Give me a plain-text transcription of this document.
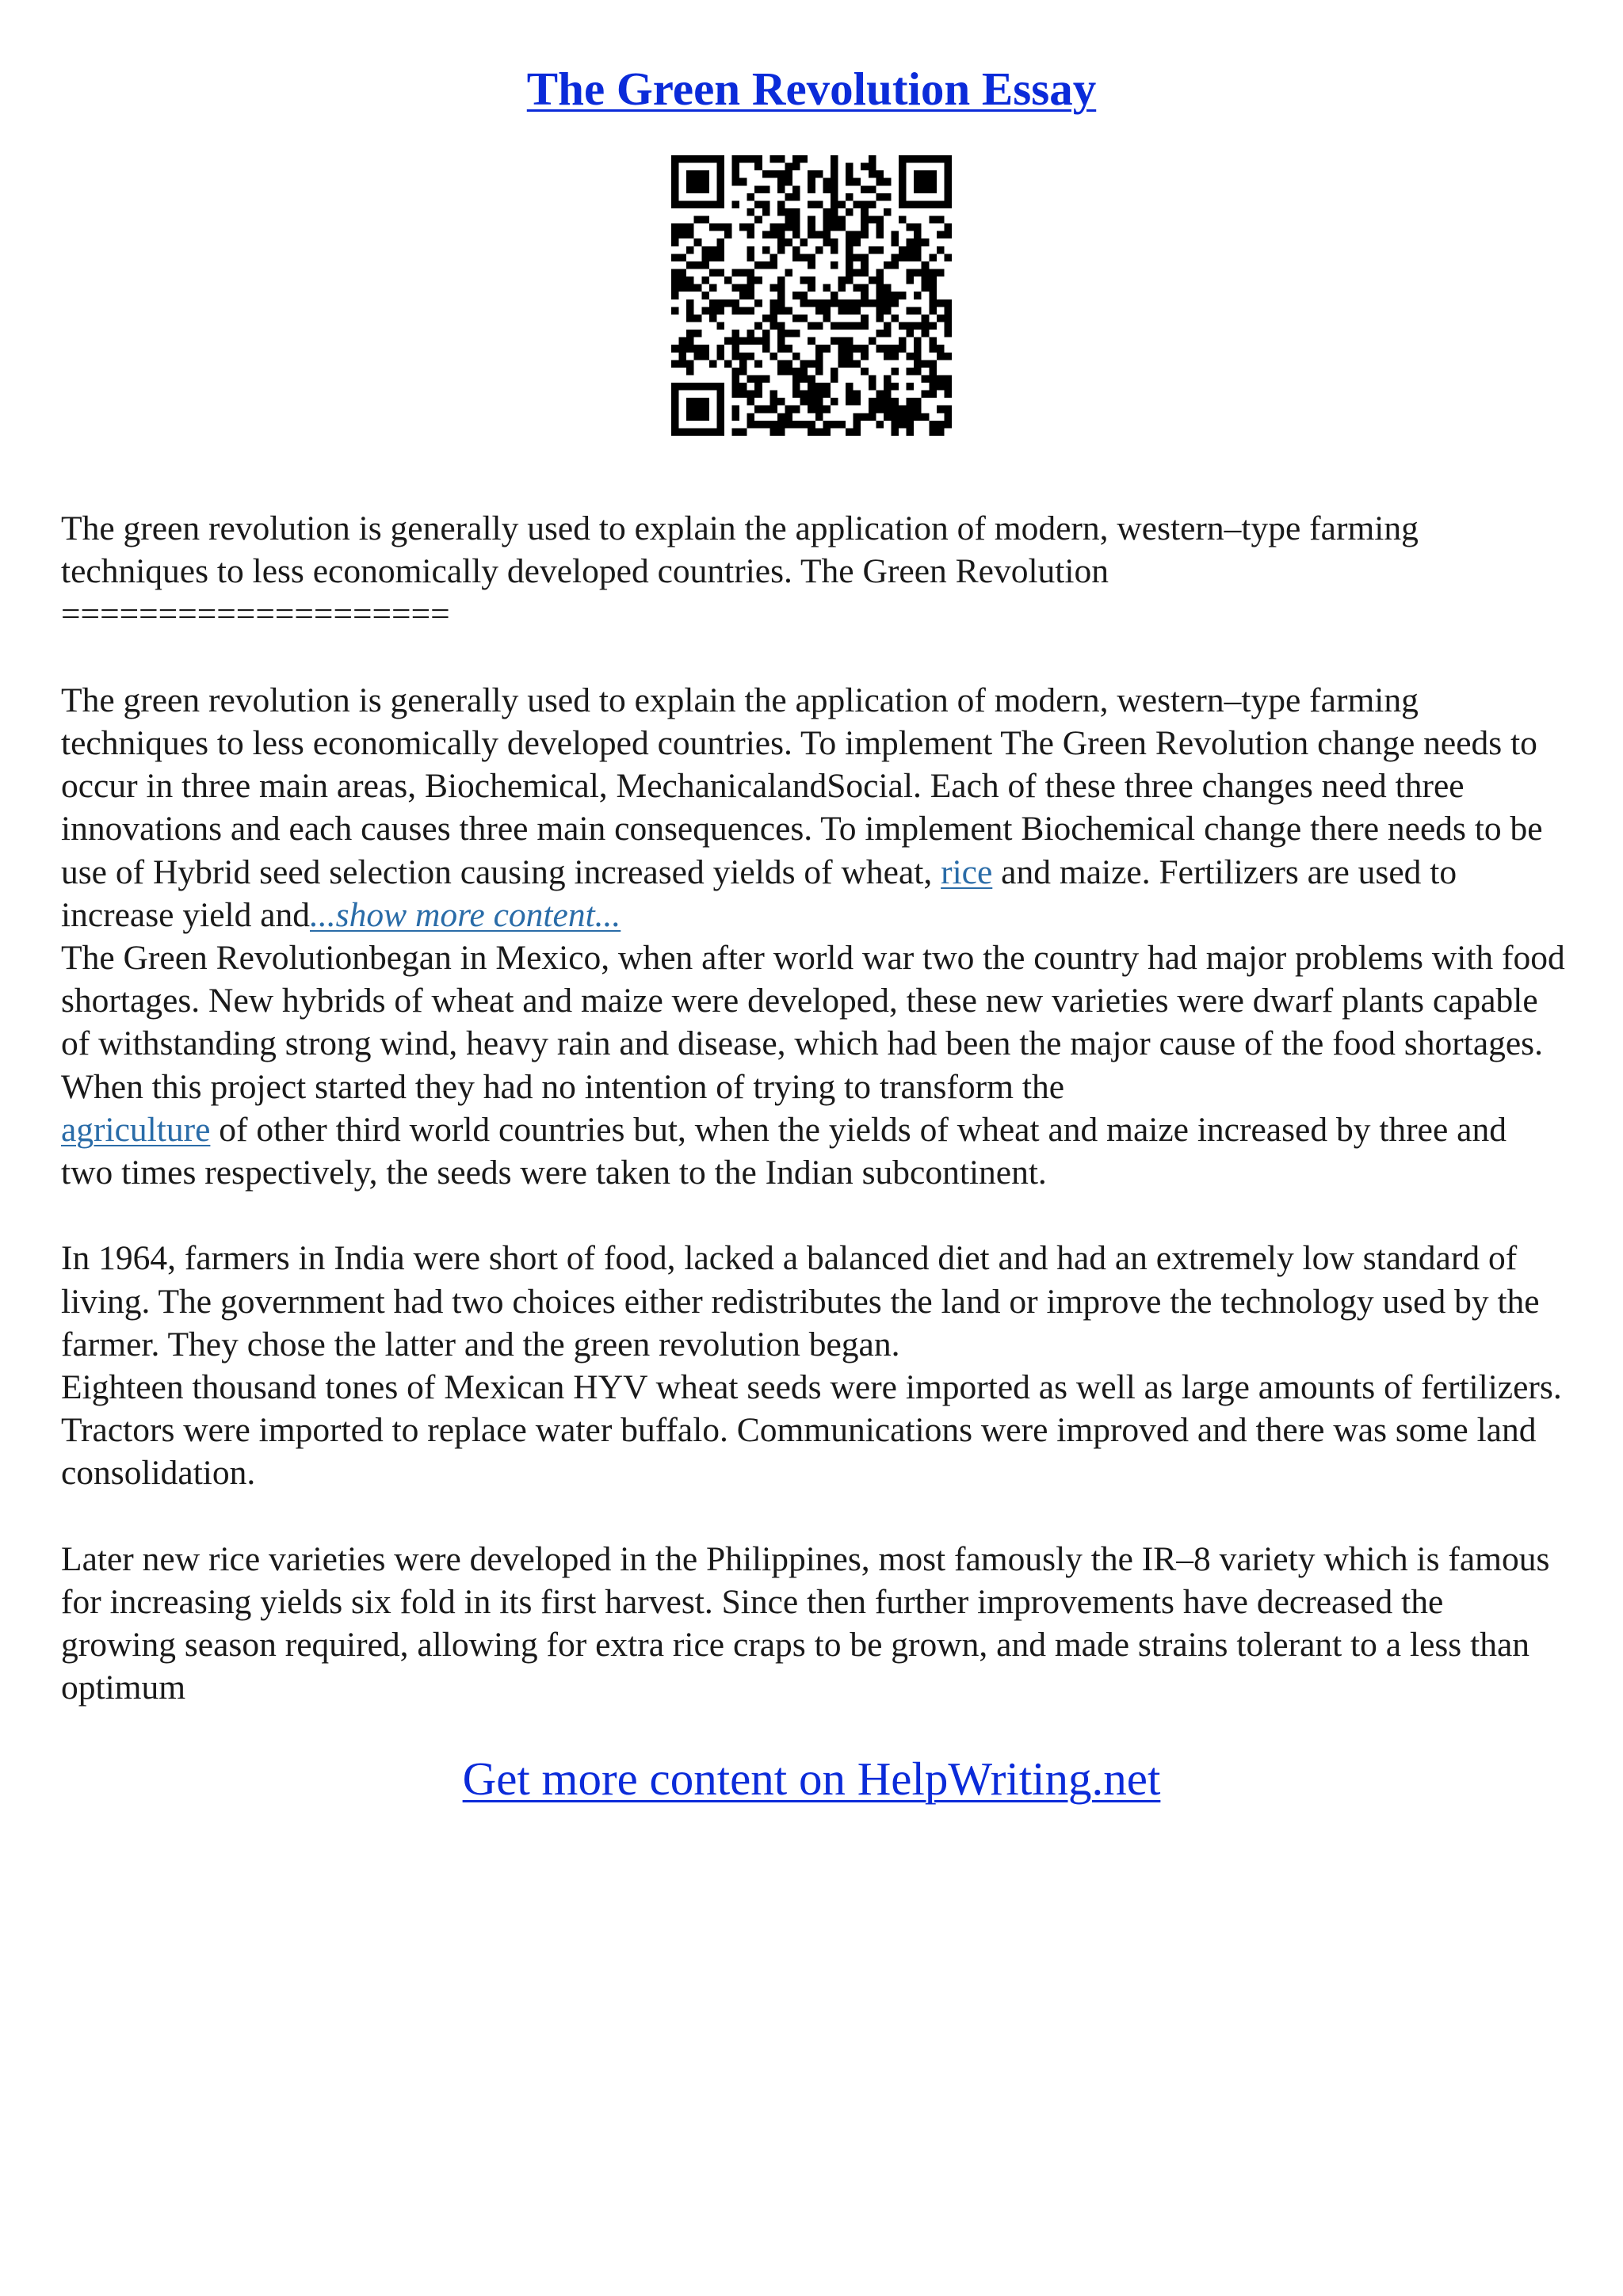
The Green Revolution Essay

The green revolution is generally used to explain the application of modern, western–type farming
techniques to less economically developed countries. The Green Revolution
====================

The green revolution is generally used to explain the application of modern, western–type farming techniques to less economically developed countries. To implement The Green Revolution change needs to occur in three main areas, Biochemical, MechanicalandSocial. Each of these three changes need three innovations and each causes three main consequences. To implement Biochemical change there needs to be use of Hybrid seed selection causing increased yields of wheat, rice and maize. Fertilizers are used to increase yield and...show more content...

The Green Revolutionbegan in Mexico, when after world war two the country had major problems with food shortages. New hybrids of wheat and maize were developed, these new varieties were dwarf plants capable of withstanding strong wind, heavy rain and disease, which had been the major cause of the food shortages. When this project started they had no intention of trying to transform the
agriculture of other third world countries but, when the yields of wheat and maize increased by three and two times respectively, the seeds were taken to the Indian subcontinent.

In 1964, farmers in India were short of food, lacked a balanced diet and had an extremely low standard of living. The government had two choices either redistributes the land or improve the technology used by the farmer. They chose the latter and the green revolution began.

Eighteen thousand tones of Mexican HYV wheat seeds were imported as well as large amounts of fertilizers. Tractors were imported to replace water buffalo. Communications were improved and there was some land consolidation.

Later new rice varieties were developed in the Philippines, most famously the IR–8 variety which is famous for increasing yields six fold in its first harvest. Since then further improvements have decreased the growing season required, allowing for extra rice craps to be grown, and made strains tolerant to a less than optimum

Get more content on HelpWriting.net
